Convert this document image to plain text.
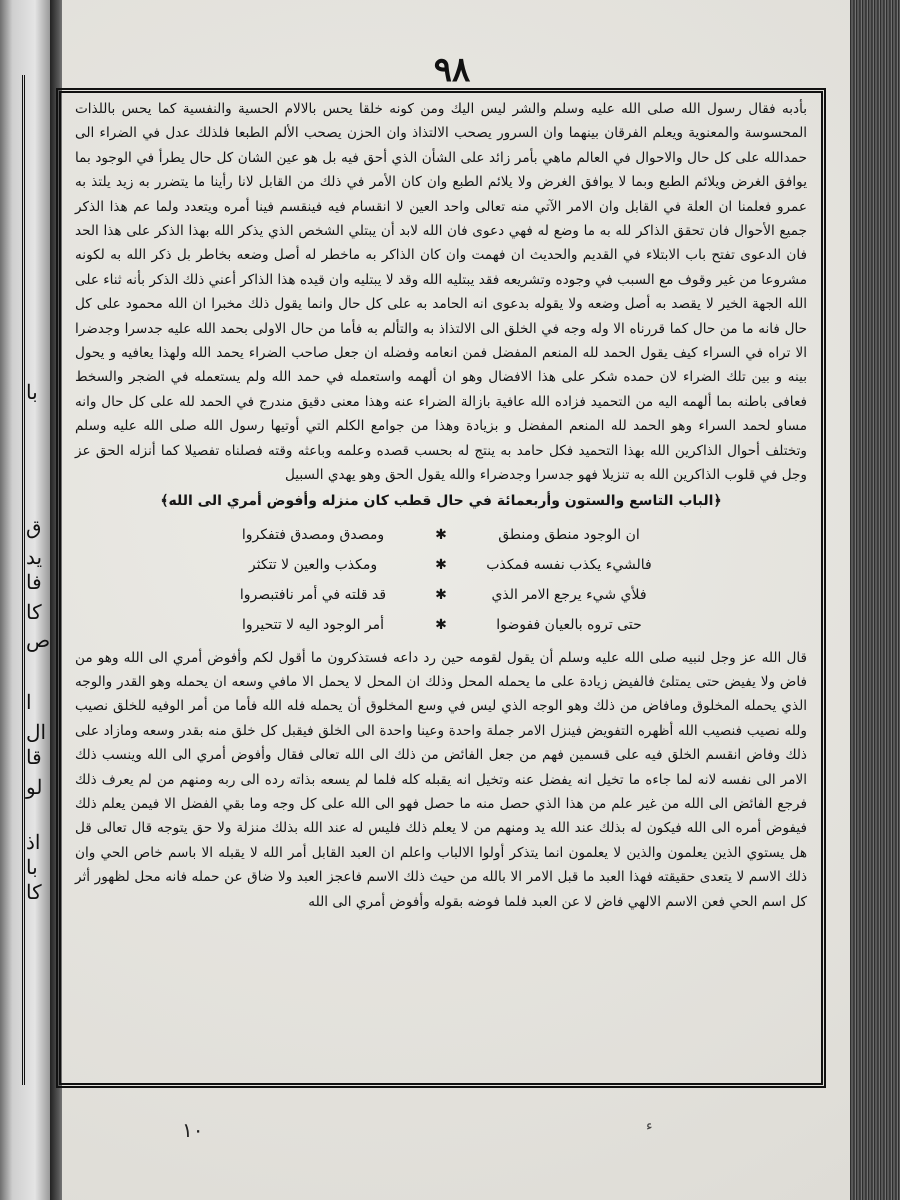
با
ق
يد
فا
كا
ص
ا
ال
قا
لو
اذ
با
كا
٩٨

بأدبه فقال رسول الله صلى الله عليه وسلم والشر ليس اليك ومن كونه خلقا يحس بالالام الحسية والنفسية كما يحس باللذات المحسوسة والمعنوية ويعلم الفرقان بينهما وان السرور يصحب الالتذاذ وان الحزن يصحب الألم الطبعا فلذلك عدل في الضراء الى حمدالله على كل حال والاحوال في العالم ماهي بأمر زائد على الشأن الذي أحق فيه بل هو عين الشان كل حال يطرأ في الوجود بما يوافق الغرض ويلائم الطبع وبما لا يوافق الغرض ولا يلائم الطبع وان كان الأمر في ذلك من القابل لانا رأينا ما يتضرر به زيد يلتذ به عمرو فعلمنا ان العلة في القابل وان الامر الآتي منه تعالى واحد العين لا انقسام فيه فينقسم فينا أمره ويتعدد ولما عم هذا الذكر جميع الأحوال فان تحقق الذاكر لله به ما وضع له فهي دعوى فان الله لابد أن يبتلي الشخص الذي يذكر الله بهذا الذكر على هذا الحد فان الدعوى تفتح باب الابتلاء في القديم والحديث ان فهمت وان كان الذاكر به ماخطر له أصل وضعه بخاطر بل ذكر الله به لكونه مشروعا من غير وقوف مع السبب في وجوده وتشريعه فقد يبتليه الله وقد لا يبتليه وان قيده هذا الذاكر أعني ذلك الذكر بأنه ثناء على الله الجهة الخير لا يقصد به أصل وضعه ولا يقوله بدعوى انه الحامد به على كل حال وانما يقول ذلك مخبرا ان الله محمود على كل حال فانه ما من حال كما قررناه الا وله وجه في الخلق الى الالتذاذ به والتألم به فأما من حال الاولى بحمد الله عليه جدسرا وجدضرا الا تراه في السراء كيف يقول الحمد لله المنعم المفضل فمن انعامه وفضله ان جعل صاحب الضراء يحمد الله ولهذا يعافيه و يحول بينه و بين تلك الضراء لان حمده شكر على هذا الافضال وهو ان ألهمه واستعمله في حمد الله ولم يستعمله في الضجر والسخط فعافى باطنه بما ألهمه اليه من التحميد فزاده الله عافية بازالة الضراء عنه وهذا معنى دقيق مندرج في الحمد لله على كل حال وانه مساو لحمد السراء وهو الحمد لله المنعم المفضل و بزيادة وهذا من جوامع الكلم التي أوتيها رسول الله صلى الله عليه وسلم وتختلف أحوال الذاكرين الله بهذا التحميد فكل حامد به ينتج له بحسب قصده وعلمه وباعثه وقته فصلناه تفصيلا كما أنزله الحق عز وجل في قلوب الذاكرين الله به تنزيلا فهو جدسرا وجدضراء والله يقول الحق وهو يهدي السبيل

﴿الباب التاسع والستون وأربعمائة في حال قطب كان منزله وأفوض أمري الى الله﴾

ان الوجود منطق ومنطق
✱
ومصدق ومصدق فتفكروا
فالشيء يكذب نفسه فمكذب
✱
ومكذب والعين لا تتكثر
فلأي شيء يرجع الامر الذي
✱
قد قلته في أمر نافتبصروا
حتى تروه بالعيان ففوضوا
✱
أمر الوجود اليه لا تتحيروا

قال الله عز وجل لنبيه صلى الله عليه وسلم أن يقول لقومه حين رد داعه فستذكرون ما أقول لكم وأفوض أمري الى الله وهو من فاض ولا يفيض حتى يمتلئ فالفيض زيادة على ما يحمله المحل وذلك ان المحل لا يحمل الا مافي وسعه ان يحمله وهو القدر والوجه الذي يحمله المخلوق ومافاض من ذلك وهو الوجه الذي ليس في وسع المخلوق أن يحمله فله الله فأما من أمر الوفيه للخلق نصيب ولله نصيب فنصيب الله أظهره التفويض فينزل الامر جملة واحدة وعينا واحدة الى الخلق فيقبل كل خلق منه بقدر وسعه ومازاد على ذلك وفاض انقسم الخلق فيه على قسمين فهم من جعل الفائض من ذلك الى الله تعالى فقال وأفوض أمري الى الله وينسب ذلك الامر الى نفسه لانه لما جاءه ما تخيل انه يفضل عنه وتخيل انه يقبله كله فلما لم يسعه بذاته رده الى ربه ومنهم من لم يعرف ذلك فرجع الفائض الى الله من غير علم من هذا الذي حصل منه ما حصل فهو الى الله على كل وجه وما بقي الفضل الا فيمن يعلم ذلك فيفوض أمره الى الله فيكون له بذلك عند الله يد ومنهم من لا يعلم ذلك فليس له عند الله بذلك منزلة ولا حق يتوجه قال تعالى قل هل يستوي الذين يعلمون والذين لا يعلمون انما يتذكر أولوا الالباب واعلم ان العبد القابل أمر الله لا يقبله الا باسم خاص الحي وان ذلك الاسم لا يتعدى حقيقته فهذا العبد ما قبل الامر الا بالله من حيث ذلك الاسم فاعجز العبد ولا ضاق عن حمله فانه محل لظهور أثر كل اسم الحي فعن الاسم الالهي فاض لا عن العبد فلما فوضه بقوله وأفوض أمري الى الله

١٠	ء
